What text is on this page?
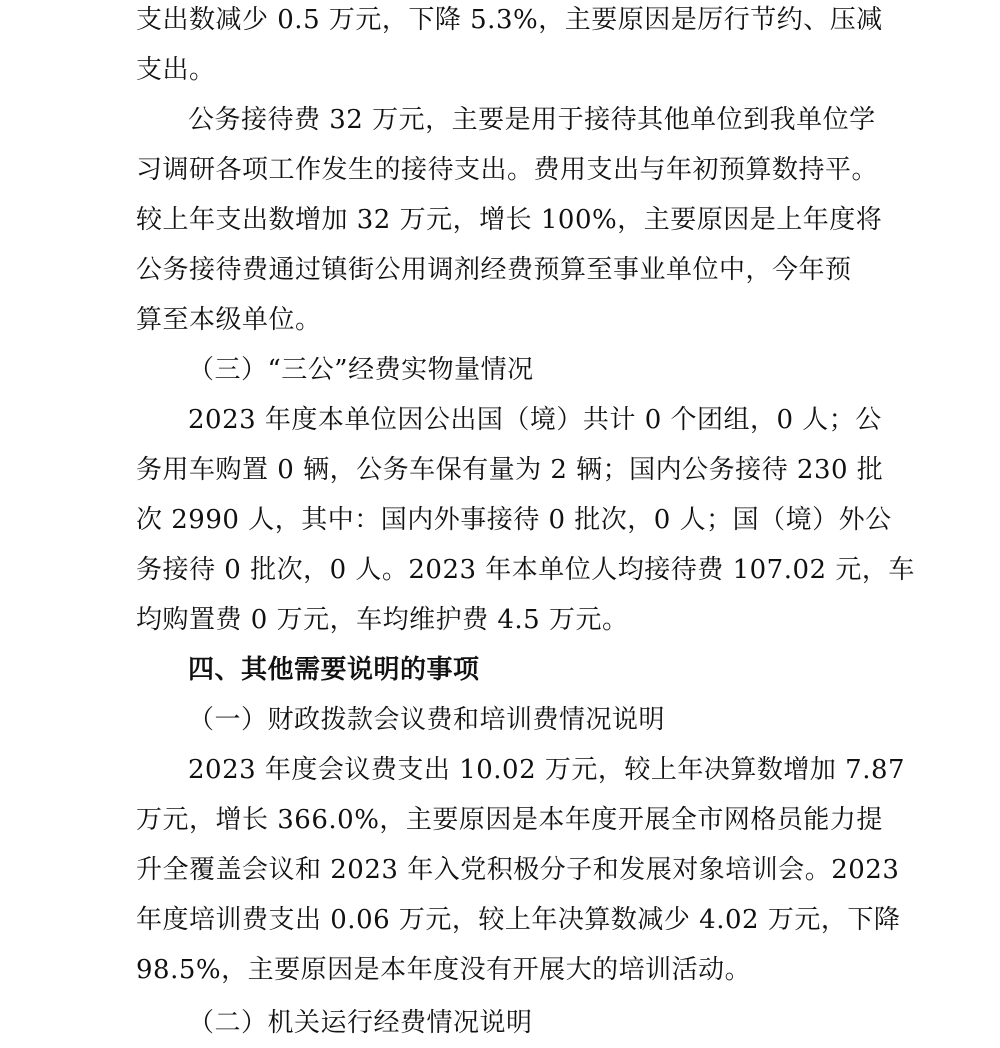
支出数减少 0.5 万元，下降 5.3%，主要原因是厉行节约、压减
支出。
公务接待费 32 万元，主要是用于接待其他单位到我单位学
习调研各项工作发生的接待支出。费用支出与年初预算数持平。
较上年支出数增加 32 万元，增长 100%，主要原因是上年度将
公务接待费通过镇街公用调剂经费预算至事业单位中，今年预
算至本级单位。
（三）“三公”经费实物量情况
2023 年度本单位因公出国（境）共计 0 个团组，0 人；公
务用车购置 0 辆，公务车保有量为 2 辆；国内公务接待 230 批
次 2990 人，其中：国内外事接待 0 批次，0 人；国（境）外公
务接待 0 批次，0 人。2023 年本单位人均接待费 107.02 元，车
均购置费 0 万元，车均维护费 4.5 万元。
四、其他需要说明的事项
（一）财政拨款会议费和培训费情况说明
2023 年度会议费支出 10.02 万元，较上年决算数增加 7.87
万元，增长 366.0%，主要原因是本年度开展全市网格员能力提
升全覆盖会议和 2023 年入党积极分子和发展对象培训会。2023
年度培训费支出 0.06 万元，较上年决算数减少 4.02 万元，下降
98.5%，主要原因是本年度没有开展大的培训活动。
（二）机关运行经费情况说明
